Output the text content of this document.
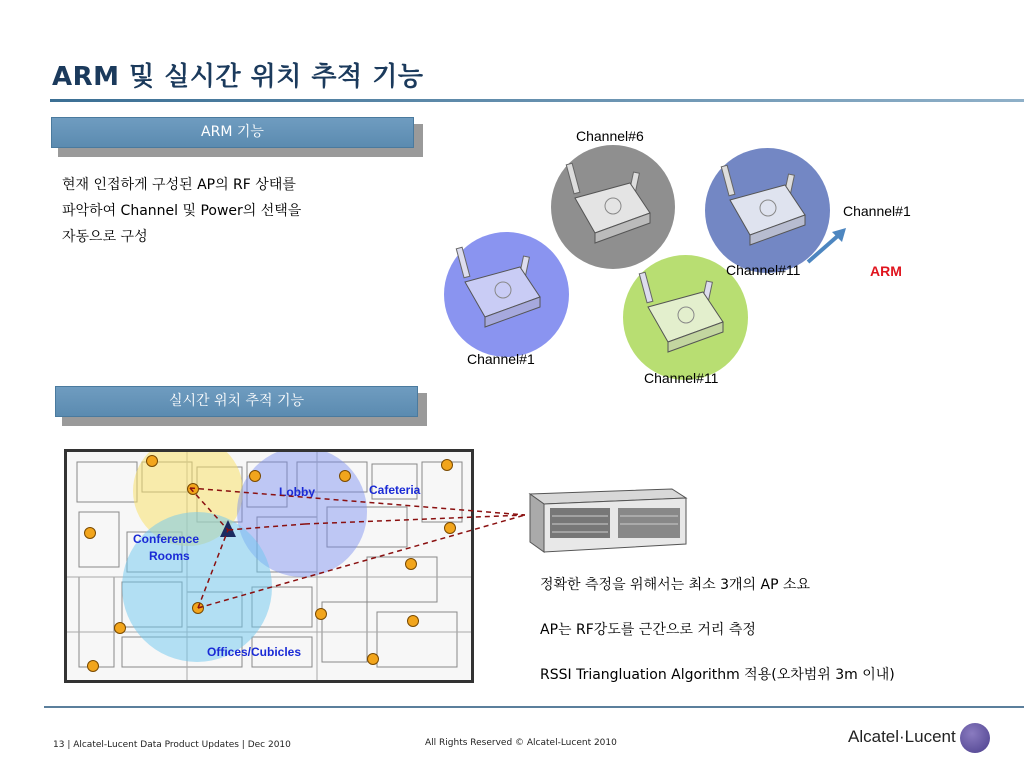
ARM 및 실시간 위치 추적 기능
ARM 기능
현재 인접하게 구성된 AP의 RF 상태를
파악하여 Channel 및 Power의 선택을
자동으로 구성
Channel#6
Channel#1
Channel#11
Channel#1
Channel#11
ARM
실시간 위치 추적 기능
Lobby	Cafeteria
Conference
Rooms
Offices/Cubicles
정확한 측정을 위해서는 최소 3개의 AP 소요
AP는 RF강도를 근간으로 거리 측정
RSSI Triangluation Algorithm 적용(오차범위 3m 이내)
13 | Alcatel-Lucent Data Product Updates | Dec 2010	All Rights Reserved © Alcatel-Lucent 2010	Alcatel·Lucent
